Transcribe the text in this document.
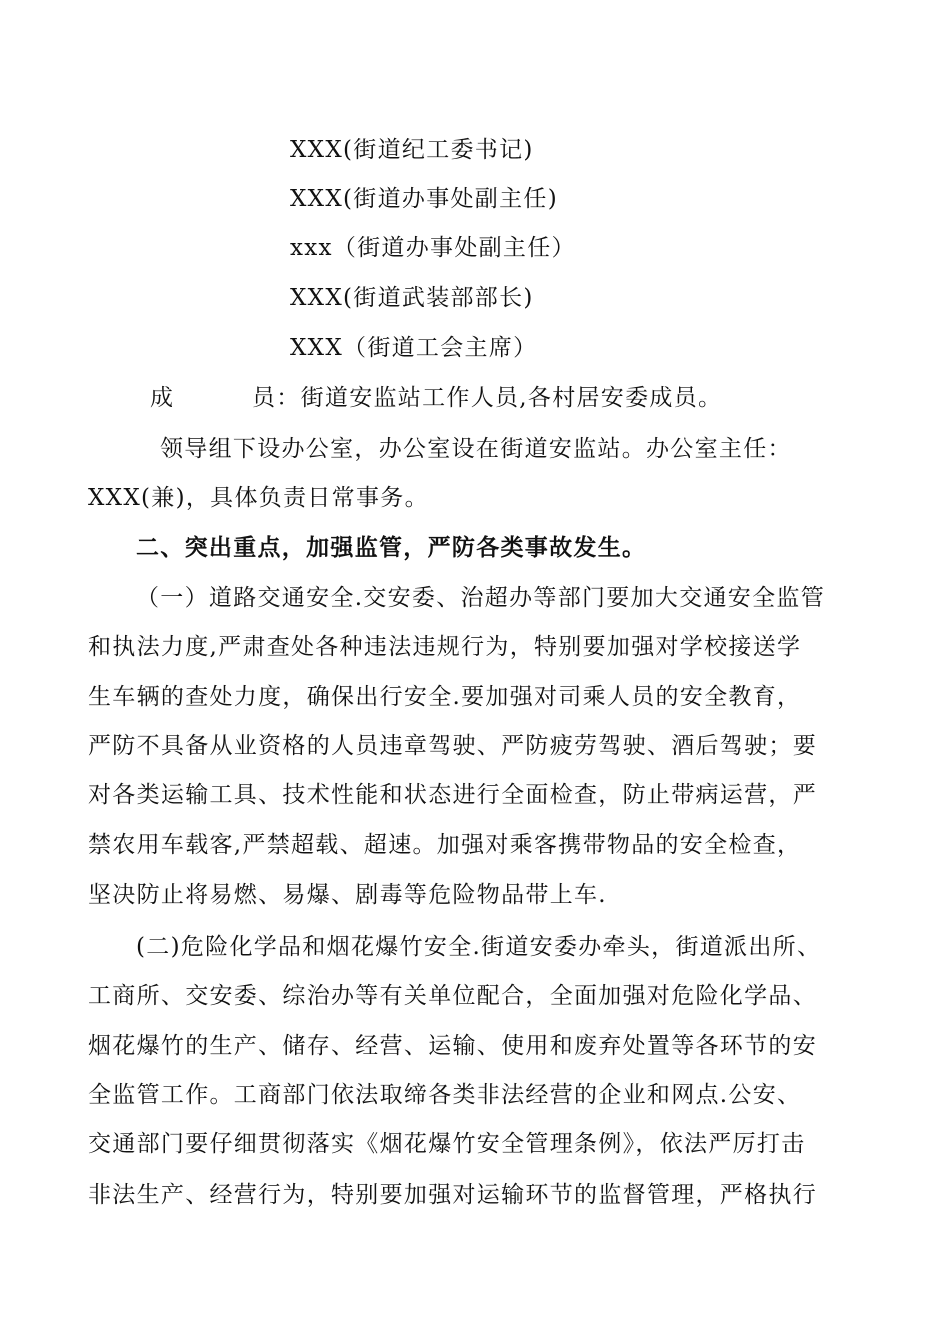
XXX(街道纪工委书记)
XXX(街道办事处副主任)
xxx（街道办事处副主任）
XXX(街道武装部部长)
XXX（街道工会主席）
成	员：街道安监站工作人员,各村居安委成员。
领导组下设办公室，办公室设在街道安监站。办公室主任：
XXX(兼)，具体负责日常事务。
二、突出重点，加强监管，严防各类事故发生。
（一）道路交通安全.交安委、治超办等部门要加大交通安全监管
和执法力度,严肃查处各种违法违规行为，特别要加强对学校接送学
生车辆的查处力度，确保出行安全.要加强对司乘人员的安全教育，
严防不具备从业资格的人员违章驾驶、严防疲劳驾驶、酒后驾驶；要
对各类运输工具、技术性能和状态进行全面检查，防止带病运营，严
禁农用车载客,严禁超载、超速。加强对乘客携带物品的安全检查，
坚决防止将易燃、易爆、剧毒等危险物品带上车.
(二)危险化学品和烟花爆竹安全.街道安委办牵头，街道派出所、
工商所、交安委、综治办等有关单位配合，全面加强对危险化学品、
烟花爆竹的生产、储存、经营、运输、使用和废弃处置等各环节的安
全监管工作。工商部门依法取缔各类非法经营的企业和网点.公安、
交通部门要仔细贯彻落实《烟花爆竹安全管理条例》，依法严厉打击
非法生产、经营行为，特别要加强对运输环节的监督管理，严格执行
